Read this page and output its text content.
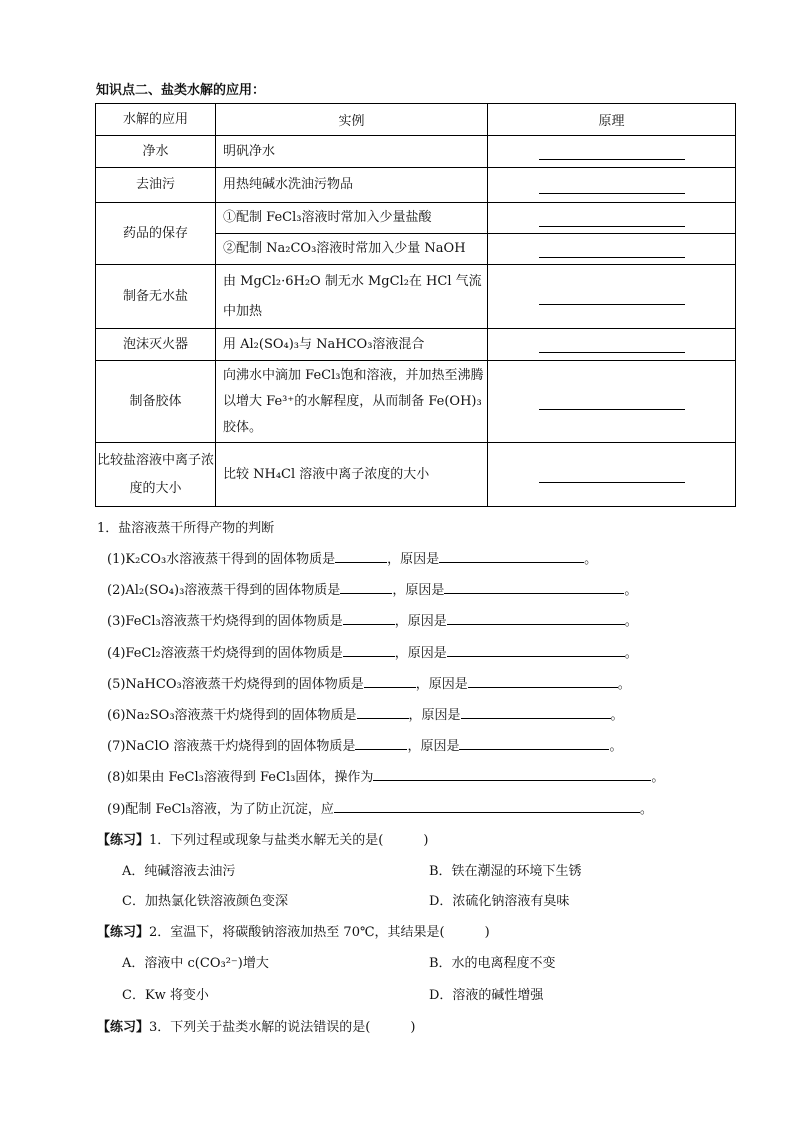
知识点二、盐类水解的应用：
水解的应用	实例	原理
净水	明矾净水	

去油污	用热纯碱水洗油污物品	

药品的保存	①配制 FeCl₃溶液时常加入少量盐酸	

	②配制 Na₂CO₃溶液时常加入少量 NaOH	

制备无水盐	由 MgCl₂·6H₂O 制无水 MgCl₂在 HCl 气流中加热	

泡沫灭火器	用 Al₂(SO₄)₃与 NaHCO₃溶液混合	

制备胶体	向沸水中滴加 FeCl₃饱和溶液，并加热至沸腾以增大 Fe³⁺的水解程度，从而制备 Fe(OH)₃胶体。	

比较盐溶液中离子浓度的大小	比较 NH₄Cl 溶液中离子浓度的大小	
1．盐溶液蒸干所得产物的判断
(1)K₂CO₃水溶液蒸干得到的固体物质是	，原因是	。
(2)Al₂(SO₄)₃溶液蒸干得到的固体物质是	，原因是	。
(3)FeCl₃溶液蒸干灼烧得到的固体物质是	，原因是	。
(4)FeCl₂溶液蒸干灼烧得到的固体物质是	，原因是	。
(5)NaHCO₃溶液蒸干灼烧得到的固体物质是	，原因是	。
(6)Na₂SO₃溶液蒸干灼烧得到的固体物质是	，原因是	。
(7)NaClO 溶液蒸干灼烧得到的固体物质是	，原因是	。
(8)如果由 FeCl₃溶液得到 FeCl₃固体，操作为	。
(9)配制 FeCl₃溶液，为了防止沉淀，应	。
【练习】1．下列过程或现象与盐类水解无关的是(	)
A．纯碱溶液去油污	B．铁在潮湿的环境下生锈
C．加热氯化铁溶液颜色变深	D．浓硫化钠溶液有臭味
【练习】2．室温下，将碳酸钠溶液加热至 70℃，其结果是(	)
A．溶液中 c(CO₃²⁻)增大	B．水的电离程度不变
C．Kw 将变小	D．溶液的碱性增强
【练习】3．下列关于盐类水解的说法错误的是(	)
